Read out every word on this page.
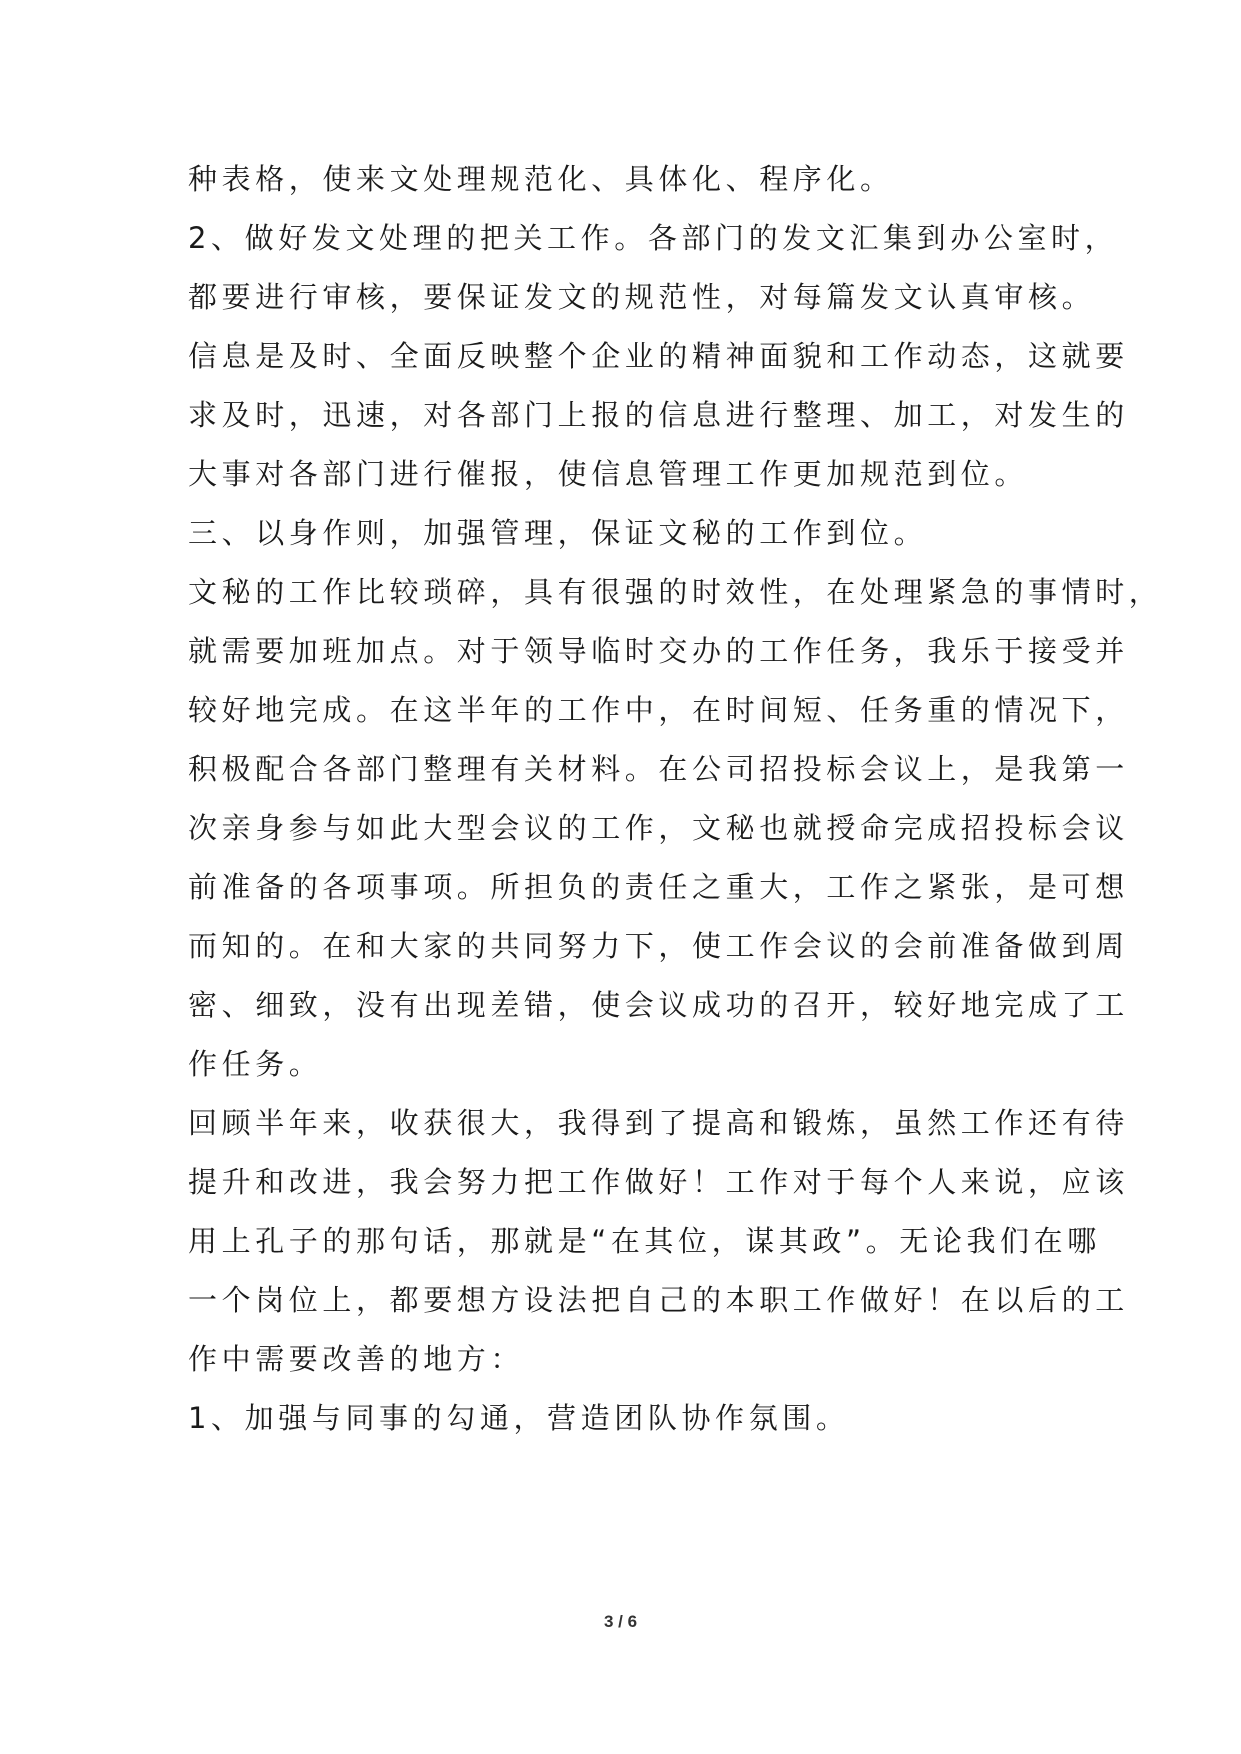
种表格，使来文处理规范化、具体化、程序化。
2、做好发文处理的把关工作。各部门的发文汇集到办公室时，
都要进行审核，要保证发文的规范性，对每篇发文认真审核。
信息是及时、全面反映整个企业的精神面貌和工作动态，这就要
求及时，迅速，对各部门上报的信息进行整理、加工，对发生的
大事对各部门进行催报，使信息管理工作更加规范到位。
三、以身作则，加强管理，保证文秘的工作到位。
文秘的工作比较琐碎，具有很强的时效性，在处理紧急的事情时，
就需要加班加点。对于领导临时交办的工作任务，我乐于接受并
较好地完成。在这半年的工作中，在时间短、任务重的情况下，
积极配合各部门整理有关材料。在公司招投标会议上，是我第一
次亲身参与如此大型会议的工作，文秘也就授命完成招投标会议
前准备的各项事项。所担负的责任之重大，工作之紧张，是可想
而知的。在和大家的共同努力下，使工作会议的会前准备做到周
密、细致，没有出现差错，使会议成功的召开，较好地完成了工
作任务。
回顾半年来，收获很大，我得到了提高和锻炼，虽然工作还有待
提升和改进，我会努力把工作做好！工作对于每个人来说，应该
用上孔子的那句话，那就是“在其位，谋其政”。无论我们在哪
一个岗位上，都要想方设法把自己的本职工作做好！在以后的工
作中需要改善的地方：
1、加强与同事的勾通，营造团队协作氛围。
3 / 6
